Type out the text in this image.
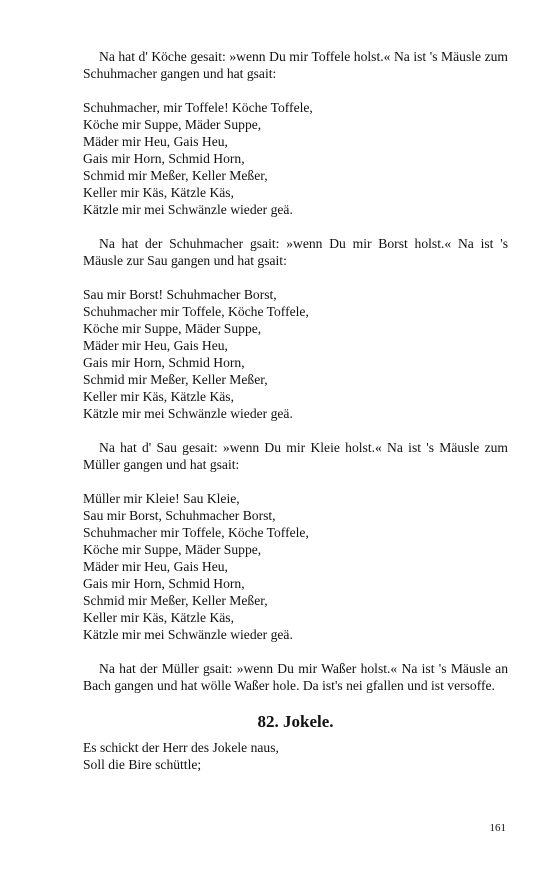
Na hat d' Köche gesait: »wenn Du mir Toffele holst.« Na ist 's Mäusle zum Schuhmacher gangen und hat gsait:

Schuhmacher, mir Toffele! Köche Toffele,
Köche mir Suppe, Mäder Suppe,
Mäder mir Heu, Gais Heu,
Gais mir Horn, Schmid Horn,
Schmid mir Meßer, Keller Meßer,
Keller mir Käs, Kätzle Käs,
Kätzle mir mei Schwänzle wieder geä.

Na hat der Schuhmacher gsait: »wenn Du mir Borst holst.« Na ist 's Mäusle zur Sau gangen und hat gsait:

Sau mir Borst! Schuhmacher Borst,
Schuhmacher mir Toffele, Köche Toffele,
Köche mir Suppe, Mäder Suppe,
Mäder mir Heu, Gais Heu,
Gais mir Horn, Schmid Horn,
Schmid mir Meßer, Keller Meßer,
Keller mir Käs, Kätzle Käs,
Kätzle mir mei Schwänzle wieder geä.

Na hat d' Sau gesait: »wenn Du mir Kleie holst.« Na ist 's Mäusle zum Müller gangen und hat gsait:

Müller mir Kleie! Sau Kleie,
Sau mir Borst, Schuhmacher Borst,
Schuhmacher mir Toffele, Köche Toffele,
Köche mir Suppe, Mäder Suppe,
Mäder mir Heu, Gais Heu,
Gais mir Horn, Schmid Horn,
Schmid mir Meßer, Keller Meßer,
Keller mir Käs, Kätzle Käs,
Kätzle mir mei Schwänzle wieder geä.

Na hat der Müller gsait: »wenn Du mir Waßer holst.« Na ist 's Mäusle an Bach gangen und hat wölle Waßer hole. Da ist's nei gfallen und ist versoffe.

82. Jokele.
Es schickt der Herr des Jokele naus,
Soll die Bire schüttle;
161
